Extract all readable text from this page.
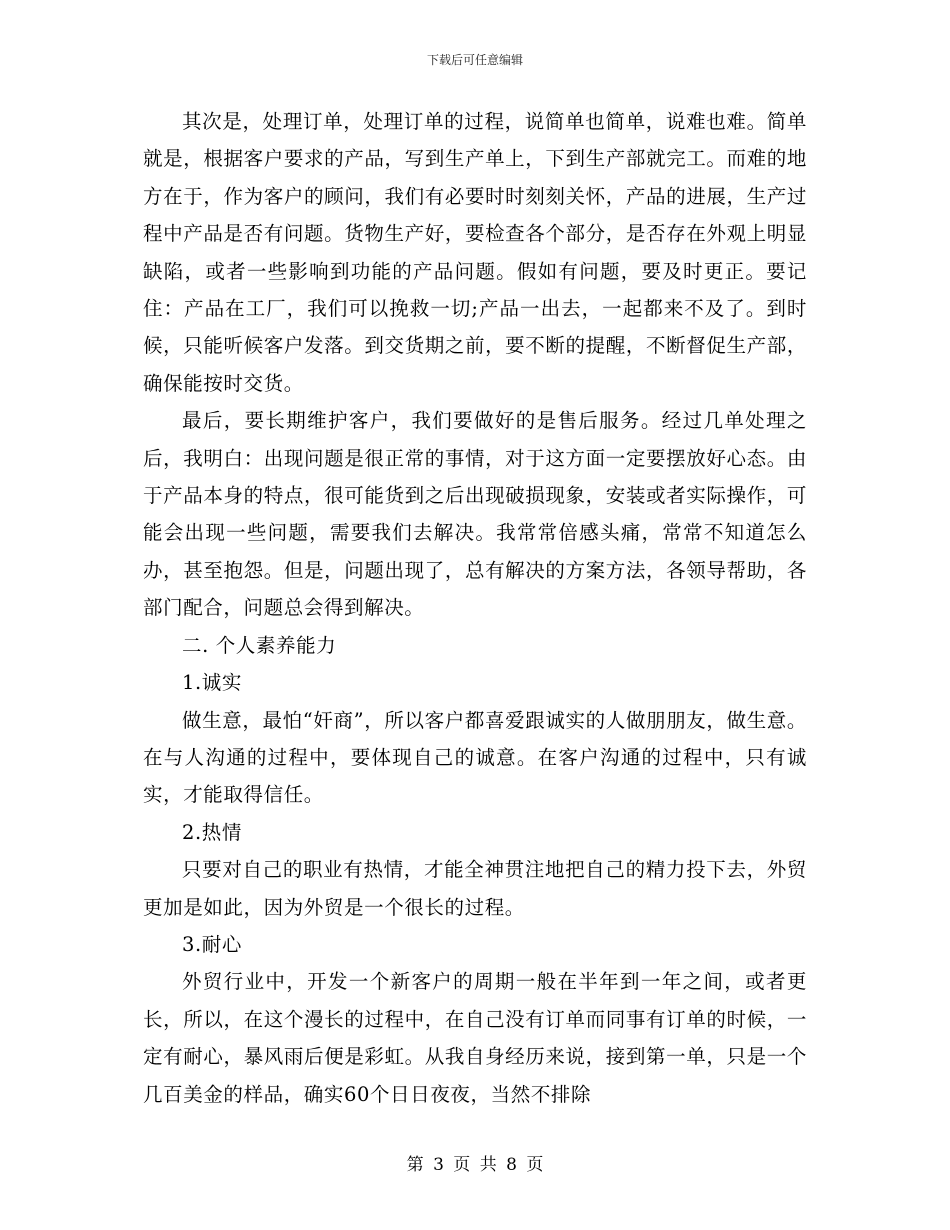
下载后可任意编辑

其次是，处理订单，处理订单的过程，说简单也简单，说难也难。简单就是，根据客户要求的产品，写到生产单上，下到生产部就完工。而难的地方在于，作为客户的顾问，我们有必要时时刻刻关怀，产品的进展，生产过程中产品是否有问题。货物生产好，要检查各个部分，是否存在外观上明显缺陷，或者一些影响到功能的产品问题。假如有问题，要及时更正。要记住：产品在工厂，我们可以挽救一切;产品一出去，一起都来不及了。到时候，只能听候客户发落。到交货期之前，要不断的提醒，不断督促生产部，确保能按时交货。

最后，要长期维护客户，我们要做好的是售后服务。经过几单处理之后，我明白：出现问题是很正常的事情，对于这方面一定要摆放好心态。由于产品本身的特点，很可能货到之后出现破损现象，安装或者实际操作，可能会出现一些问题，需要我们去解决。我常常倍感头痛，常常不知道怎么办，甚至抱怨。但是，问题出现了，总有解决的方案方法，各领导帮助，各部门配合，问题总会得到解决。

二. 个人素养能力

1.诚实

做生意，最怕“奸商”，所以客户都喜爱跟诚实的人做朋朋友，做生意。在与人沟通的过程中，要体现自己的诚意。在客户沟通的过程中，只有诚实，才能取得信任。

2.热情

只要对自己的职业有热情，才能全神贯注地把自己的精力投下去，外贸更加是如此，因为外贸是一个很长的过程。

3.耐心

外贸行业中，开发一个新客户的周期一般在半年到一年之间，或者更长，所以，在这个漫长的过程中，在自己没有订单而同事有订单的时候，一定有耐心，暴风雨后便是彩虹。从我自身经历来说，接到第一单，只是一个几百美金的样品，确实60个日日夜夜，当然不排除

第 3 页 共 8 页
